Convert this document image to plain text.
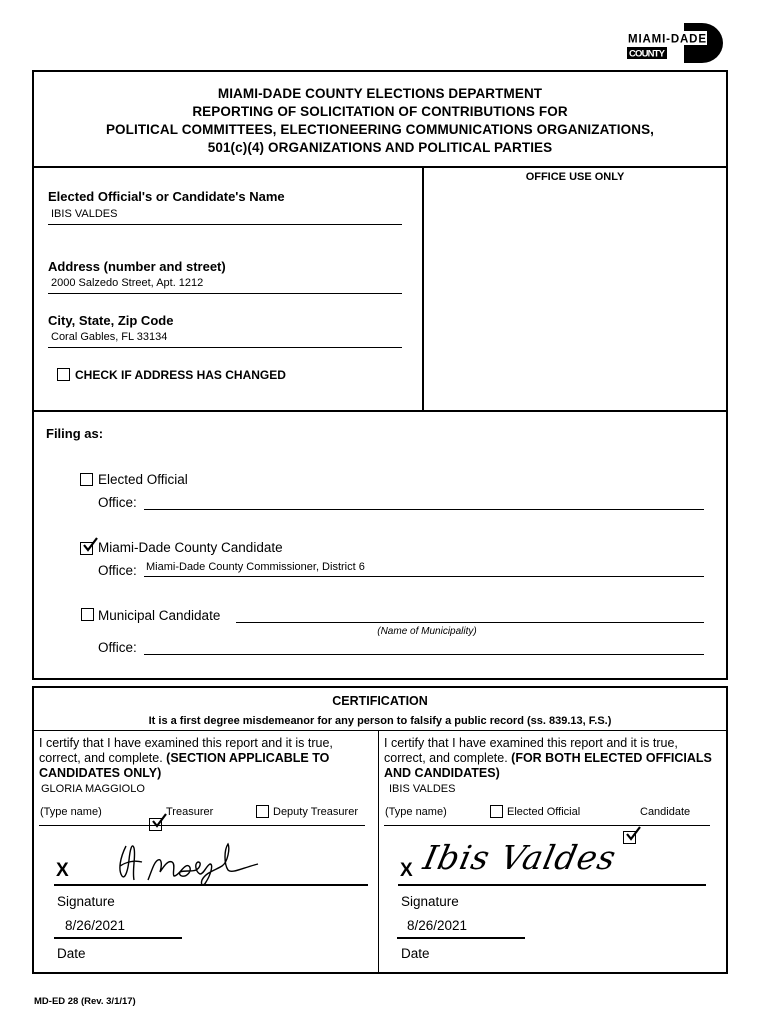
MIAMI-DADE
COUNTY
MIAMI-DADE COUNTY ELECTIONS DEPARTMENT
REPORTING OF SOLICITATION OF CONTRIBUTIONS FOR
POLITICAL COMMITTEES, ELECTIONEERING COMMUNICATIONS ORGANIZATIONS,
501(c)(4) ORGANIZATIONS AND POLITICAL PARTIES
OFFICE USE ONLY
Elected Official's or Candidate's Name
IBIS VALDES
Address (number and street)
2000 Salzedo Street, Apt. 1212
City, State, Zip Code
Coral Gables, FL 33134
CHECK IF ADDRESS HAS CHANGED
Filing as:
Elected Official
Office:
Miami-Dade County Candidate
Office: Miami-Dade County Commissioner, District 6
Municipal Candidate
(Name of Municipality)
Office:
CERTIFICATION
It is a first degree misdemeanor for any person to falsify a public record (ss. 839.13, F.S.)
I certify that I have examined this report and it is true, correct, and complete. (SECTION APPLICABLE TO CANDIDATES ONLY)
GLORIA MAGGIOLO
(Type name)	Treasurer	Deputy Treasurer
X
Signature
8/26/2021
Date
I certify that I have examined this report and it is true, correct, and complete. (FOR BOTH ELECTED OFFICIALS AND CANDIDATES)
IBIS VALDES
(Type name)	Elected Official	Candidate
X Ibis Valdes
Signature
8/26/2021
Date
MD-ED 28 (Rev. 3/1/17)
